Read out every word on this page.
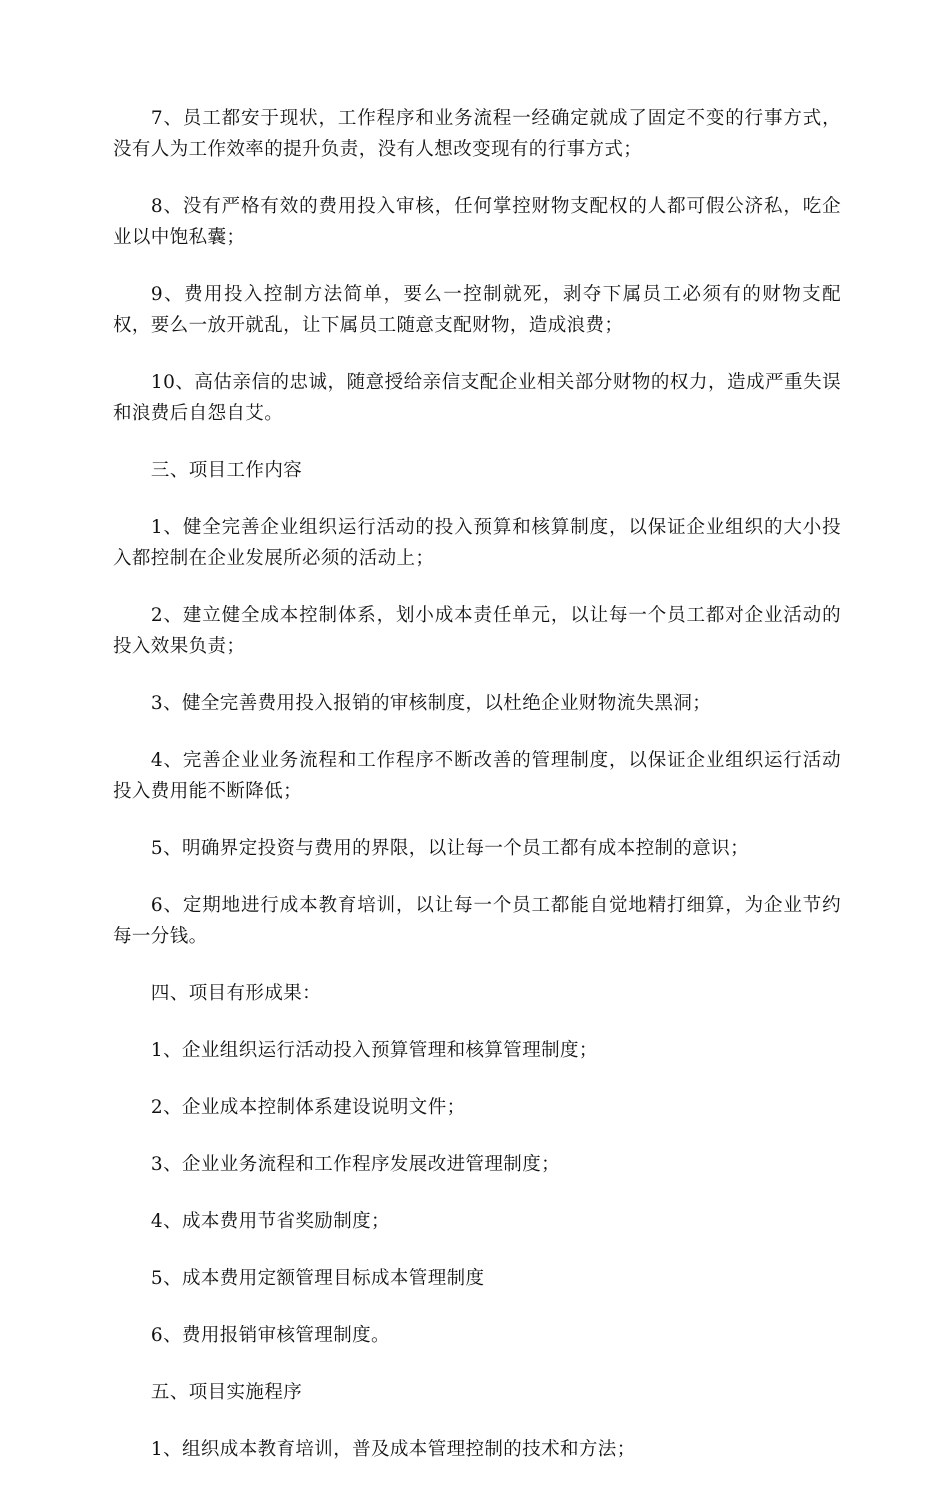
7、员工都安于现状，工作程序和业务流程一经确定就成了固定不变的行事方式，没有人为工作效率的提升负责，没有人想改变现有的行事方式；

8、没有严格有效的费用投入审核，任何掌控财物支配权的人都可假公济私，吃企业以中饱私囊；

9、费用投入控制方法简单，要么一控制就死，剥夺下属员工必须有的财物支配权，要么一放开就乱，让下属员工随意支配财物，造成浪费；

10、高估亲信的忠诚，随意授给亲信支配企业相关部分财物的权力，造成严重失误和浪费后自怨自艾。

三、项目工作内容

1、健全完善企业组织运行活动的投入预算和核算制度，以保证企业组织的大小投入都控制在企业发展所必须的活动上；

2、建立健全成本控制体系，划小成本责任单元，以让每一个员工都对企业活动的投入效果负责；

3、健全完善费用投入报销的审核制度，以杜绝企业财物流失黑洞；

4、完善企业业务流程和工作程序不断改善的管理制度，以保证企业组织运行活动投入费用能不断降低；

5、明确界定投资与费用的界限，以让每一个员工都有成本控制的意识；

6、定期地进行成本教育培训，以让每一个员工都能自觉地精打细算，为企业节约每一分钱。

四、项目有形成果：

1、企业组织运行活动投入预算管理和核算管理制度；

2、企业成本控制体系建设说明文件；

3、企业业务流程和工作程序发展改进管理制度；

4、成本费用节省奖励制度；

5、成本费用定额管理目标成本管理制度

6、费用报销审核管理制度。

五、项目实施程序

1、组织成本教育培训，普及成本管理控制的技术和方法；
